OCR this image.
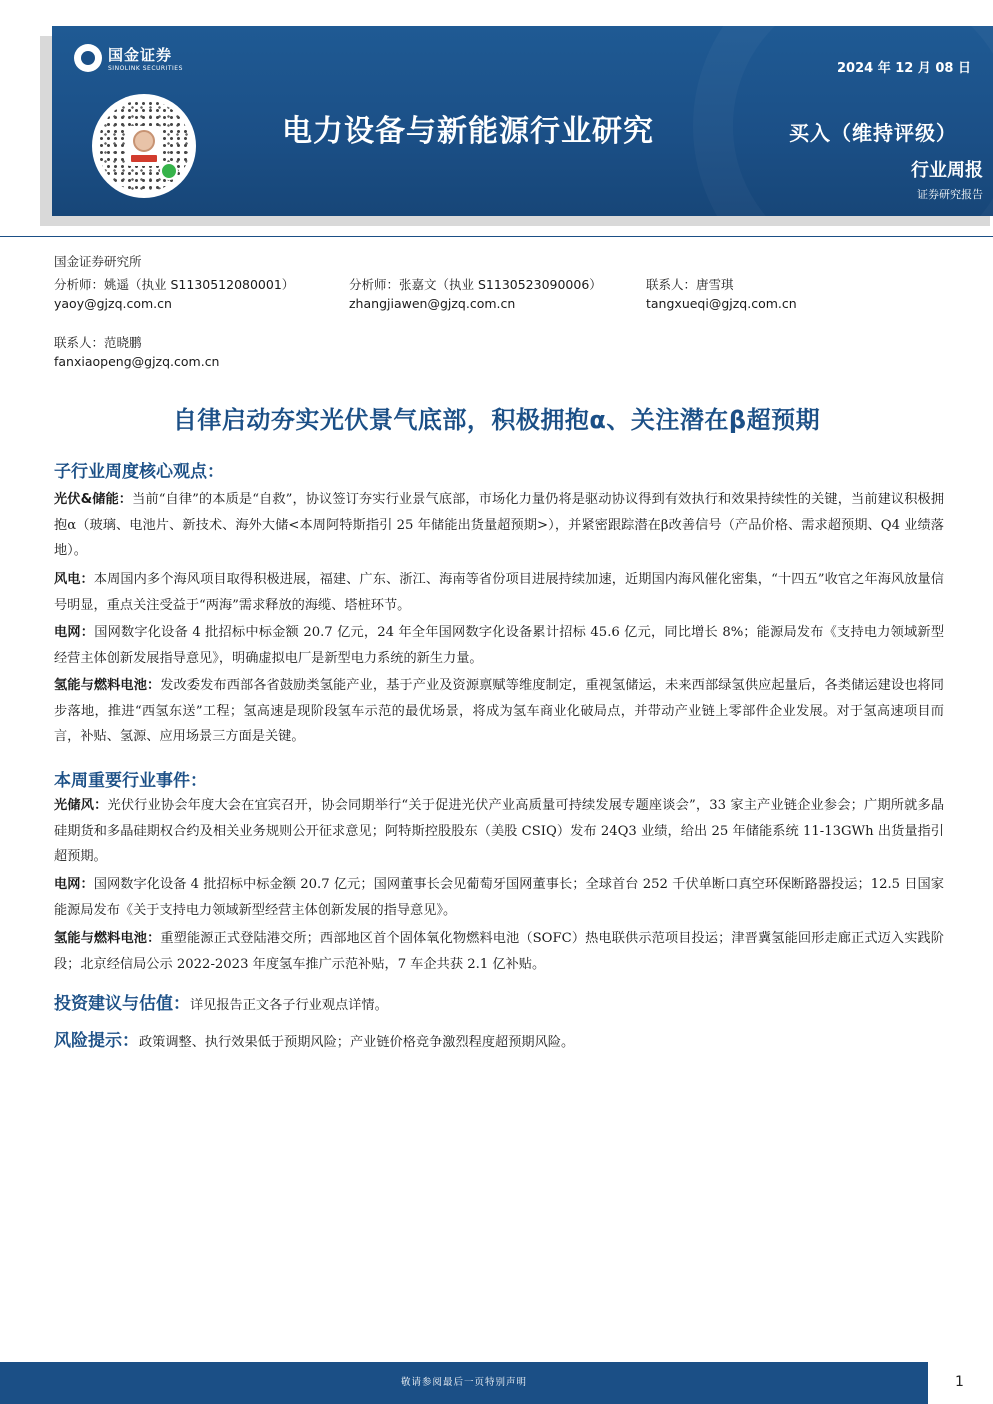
国金证券
SINOLINK SECURITIES	2024 年 12 月 08 日
电力设备与新能源行业研究	买入（维持评级）
行业周报
证券研究报告
国金证券研究所
分析师：姚遥（执业 S1130512080001）
yaoy@gjzq.com.cn
分析师：张嘉文（执业 S1130523090006）
zhangjiawen@gjzq.com.cn
联系人：唐雪琪
tangxueqi@gjzq.com.cn
联系人：范晓鹏
fanxiaopeng@gjzq.com.cn
自律启动夯实光伏景气底部，积极拥抱α、关注潜在β超预期
子行业周度核心观点：
光伏&储能：当前“自律”的本质是“自救”，协议签订夯实行业景气底部，市场化力量仍将是驱动协议得到有效执行和效果持续性的关键，当前建议积极拥抱α（玻璃、电池片、新技术、海外大储<本周阿特斯指引 25 年储能出货量超预期>），并紧密跟踪潜在β改善信号（产品价格、需求超预期、Q4 业绩落地）。
风电：本周国内多个海风项目取得积极进展，福建、广东、浙江、海南等省份项目进展持续加速，近期国内海风催化密集，“十四五”收官之年海风放量信号明显，重点关注受益于“两海”需求释放的海缆、塔桩环节。
电网：国网数字化设备 4 批招标中标金额 20.7 亿元，24 年全年国网数字化设备累计招标 45.6 亿元，同比增长 8%；能源局发布《支持电力领域新型经营主体创新发展指导意见》，明确虚拟电厂是新型电力系统的新生力量。
氢能与燃料电池：发改委发布西部各省鼓励类氢能产业，基于产业及资源禀赋等维度制定，重视氢储运，未来西部绿氢供应起量后，各类储运建设也将同步落地，推进“西氢东送”工程；氢高速是现阶段氢车示范的最优场景，将成为氢车商业化破局点，并带动产业链上零部件企业发展。对于氢高速项目而言，补贴、氢源、应用场景三方面是关键。
本周重要行业事件：
光储风：光伏行业协会年度大会在宜宾召开，协会同期举行“关于促进光伏产业高质量可持续发展专题座谈会”，33 家主产业链企业参会；广期所就多晶硅期货和多晶硅期权合约及相关业务规则公开征求意见；阿特斯控股股东（美股 CSIQ）发布 24Q3 业绩，给出 25 年储能系统 11-13GWh 出货量指引超预期。
电网：国网数字化设备 4 批招标中标金额 20.7 亿元；国网董事长会见葡萄牙国网董事长；全球首台 252 千伏单断口真空环保断路器投运；12.5 日国家能源局发布《关于支持电力领域新型经营主体创新发展的指导意见》。
氢能与燃料电池：重塑能源正式登陆港交所；西部地区首个固体氧化物燃料电池（SOFC）热电联供示范项目投运；津晋冀氢能回形走廊正式迈入实践阶段；北京经信局公示 2022-2023 年度氢车推广示范补贴，7 车企共获 2.1 亿补贴。
投资建议与估值：详见报告正文各子行业观点详情。
风险提示：政策调整、执行效果低于预期风险；产业链价格竞争激烈程度超预期风险。
敬请参阅最后一页特别声明	1
